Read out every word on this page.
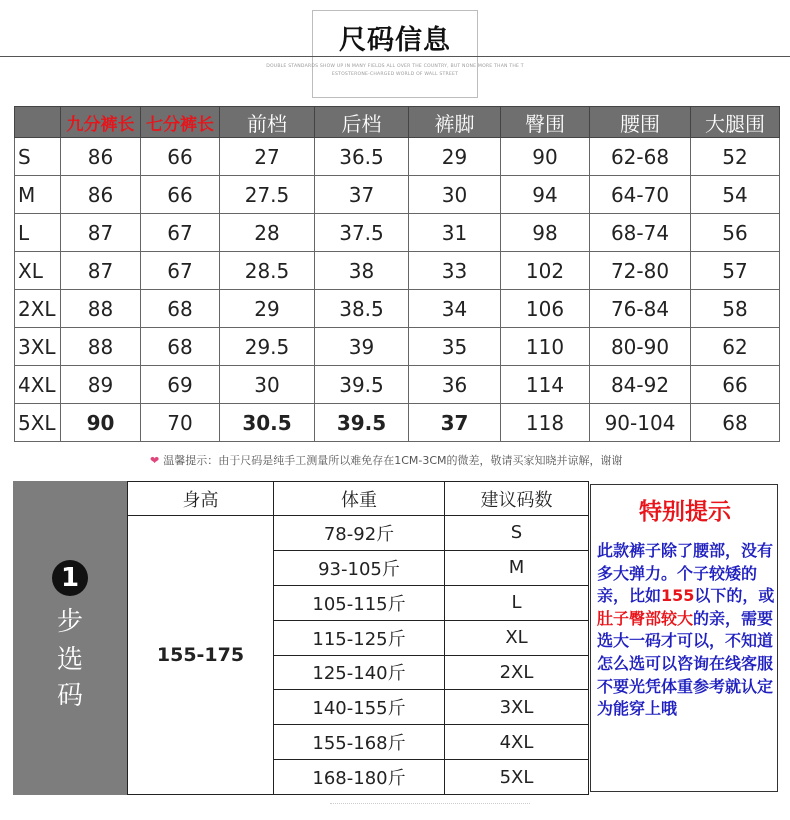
尺码信息
DOUBLE STANDARDS SHOW UP IN MANY FIELDS ALL OVER THE COUNTRY, BUT NONE MORE THAN THE T
ESTOSTERONE-CHARGED WORLD OF WALL STREET
	九分裤长	七分裤长	前档	后档	裤脚	臀围	腰围	大腿围
S	86	66	27	36.5	29	90	62-68	52
M	86	66	27.5	37	30	94	64-70	54
L	87	67	28	37.5	31	98	68-74	56
XL	87	67	28.5	38	33	102	72-80	57
2XL	88	68	29	38.5	34	106	76-84	58
3XL	88	68	29.5	39	35	110	80-90	62
4XL	89	69	30	39.5	36	114	84-92	66
5XL	90	70	30.5	39.5	37	118	90-104	68
❤ 温馨提示：由于尺码是纯手工测量所以难免存在1CM-3CM的微差，敬请买家知晓并谅解，谢谢
1
步
选
码
身高	体重	建议码数
155-175	78-92斤	S
	93-105斤	M
	105-115斤	L
	115-125斤	XL
	125-140斤	2XL
	140-155斤	3XL
	155-168斤	4XL
	168-180斤	5XL
特别提示
此款裤子除了腰部，没有多大弹力。个子较矮的亲，比如155以下的，或肚子臀部较大的亲，需要选大一码才可以，不知道怎么选可以咨询在线客服不要光凭体重参考就认定为能穿上哦
